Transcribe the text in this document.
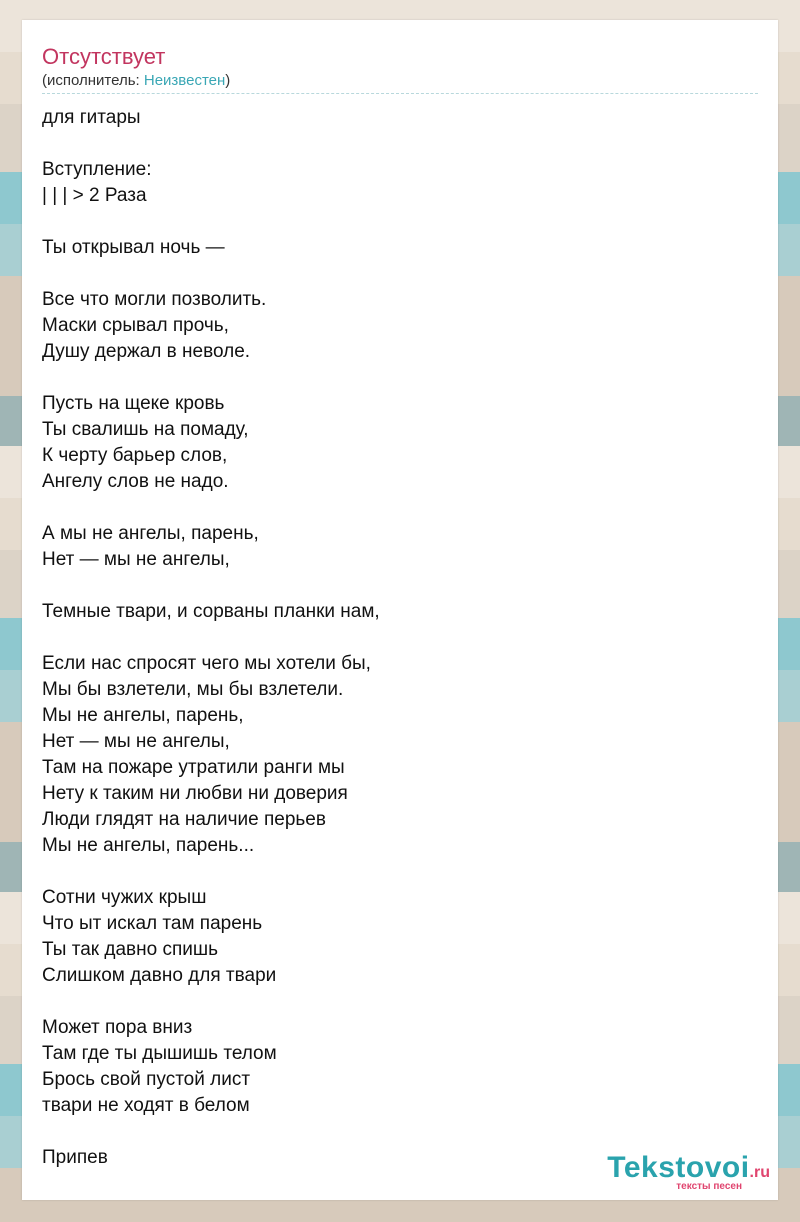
Отсутствует
(исполнитель: Неизвестен)
для гитары
Вступление:
| | | > 2 Раза
Ты открывал ночь —
Все что могли позволить.
Маски срывал прочь,
Душу держал в неволе.
Пусть на щеке кровь
Ты свалишь на помаду,
К черту барьер слов,
Ангелу слов не надо.
А мы не ангелы, парень,
Нет — мы не ангелы,
Темные твари, и сорваны планки нам,
Если нас спросят чего мы хотели бы,
Мы бы взлетели, мы бы взлетели.
Мы не ангелы, парень,
Нет — мы не ангелы,
Там на пожаре утратили ранги мы
Нету к таким ни любви ни доверия
Люди глядят на наличие перьев
Мы не ангелы, парень...
Сотни чужих крыш
Что ыт искал там парень
Ты так давно спишь
Слишком давно для твари
Может пора вниз
Там где ты дышишь телом
Брось свой пустой лист
твари не ходят в белом
Припев	Tekstovoi.ru
тексты песен
